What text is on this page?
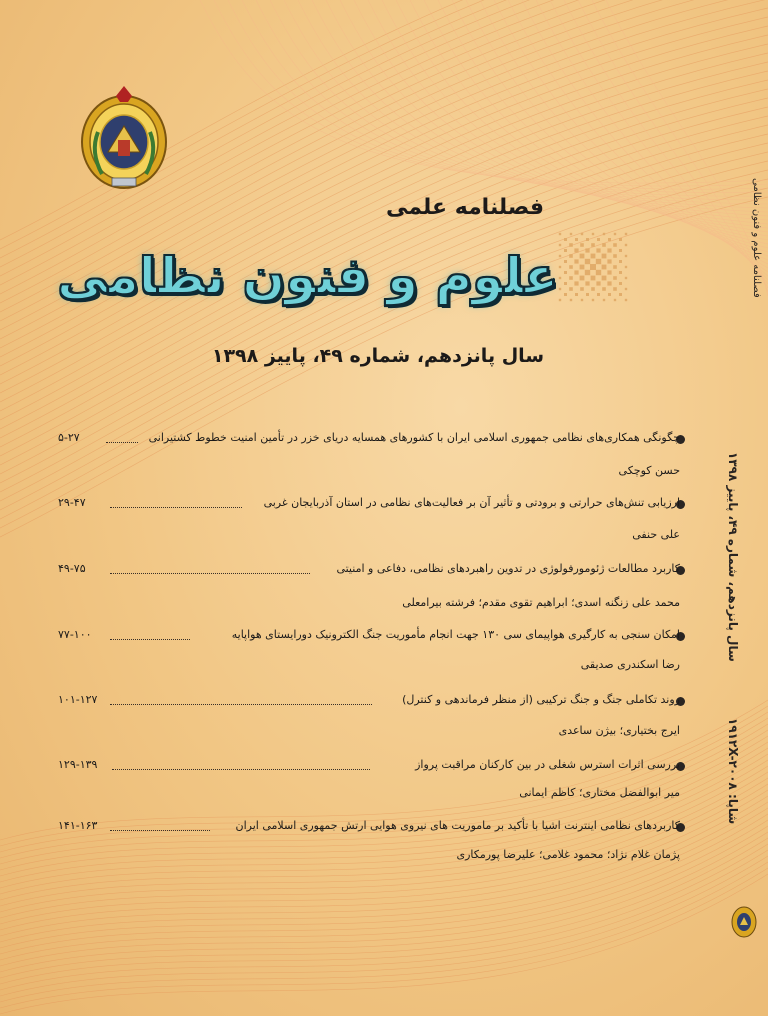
فصلنامه علمی
علوم و فنون نظامی
سال پانزدهم، شماره ۴۹، پاییز ۱۳۹۸
چگونگی همکاری‌های نظامی جمهوری اسلامی ایران با کشورهای همسایه دریای خزر در تأمین امنیت خطوط کشتیرانی
۵-۲۷
حسن کوچکی
ارزیابی تنش‌های حرارتی و برودتی و تأثیر آن بر فعالیت‌های نظامی در استان آذربایجان غربی
۲۹-۴۷
علی حنفی
کاربرد مطالعات ژئومورفولوژی در تدوین راهبردهای نظامی، دفاعی و امنیتی
۴۹-۷۵
محمد علی زنگنه اسدی؛ ابراهیم تقوی مقدم؛ فرشته بیرامعلی
امکان سنجی به کارگیری هواپیمای سی ۱۳۰ جهت انجام مأموریت جنگ الکترونیک دورایستای هواپایه
۷۷-۱۰۰
رضا اسکندری صدیقی
روند تکاملی جنگ و جنگ ترکیبی (از منظر فرماندهی و کنترل)
۱۰۱-۱۲۷
ایرج بختیاری؛ بیژن ساعدی
بررسی اثرات استرس شغلی در بین کارکنان مراقبت پرواز
۱۲۹-۱۳۹
میر ابوالفضل مختاری؛ کاظم ایمانی
کاربردهای نظامی اینترنت اشیا با تأکید بر ماموریت های نیروی هوایی ارتش جمهوری اسلامی ایران
۱۴۱-۱۶۳
پژمان غلام نژاد؛ محمود غلامی؛ علیرضا پورمکاری
فصلنامه علوم و فنون نظامی
سال پانزدهم، شماره ۴۹، پاییز ۱۳۹۸
شاپا: ۱۹۱۲X-۲۰۰۸
